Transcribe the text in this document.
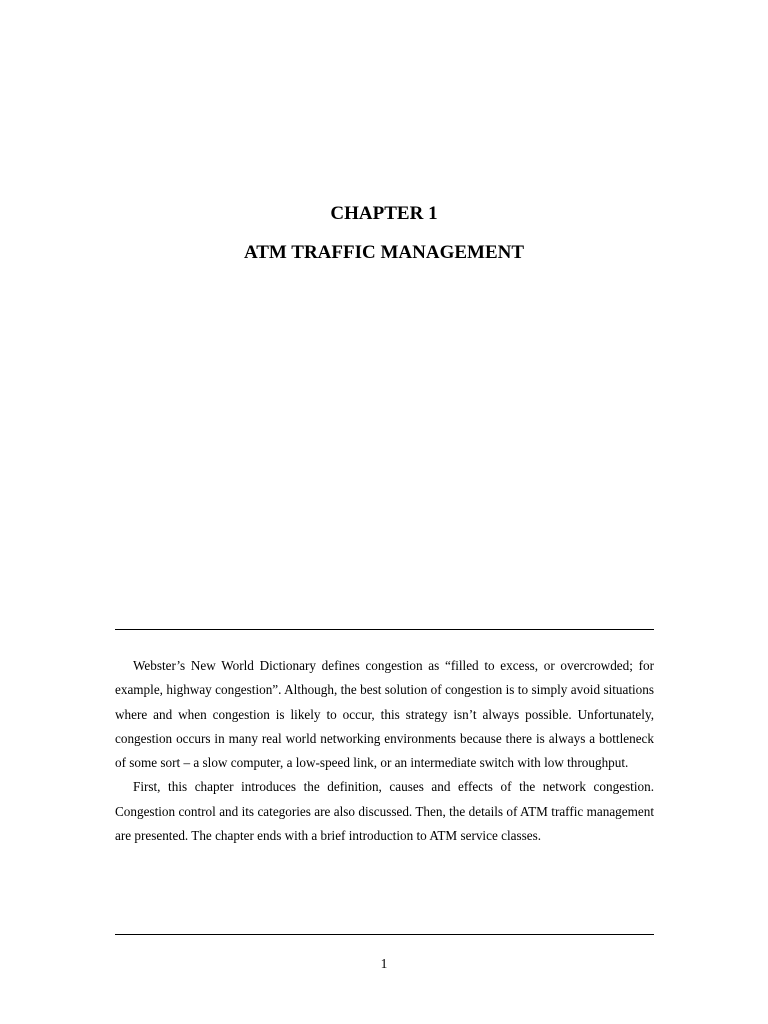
CHAPTER 1
ATM TRAFFIC MANAGEMENT

Webster’s New World Dictionary defines congestion as “filled to excess, or overcrowded; for example, highway congestion”. Although, the best solution of congestion is to simply avoid situations where and when congestion is likely to occur, this strategy isn’t always possible. Unfortunately, congestion occurs in many real world networking environments because there is always a bottleneck of some sort – a slow computer, a low-speed link, or an intermediate switch with low throughput.

First, this chapter introduces the definition, causes and effects of the network congestion. Congestion control and its categories are also discussed. Then, the details of ATM traffic management are presented. The chapter ends with a brief introduction to ATM service classes.

1
